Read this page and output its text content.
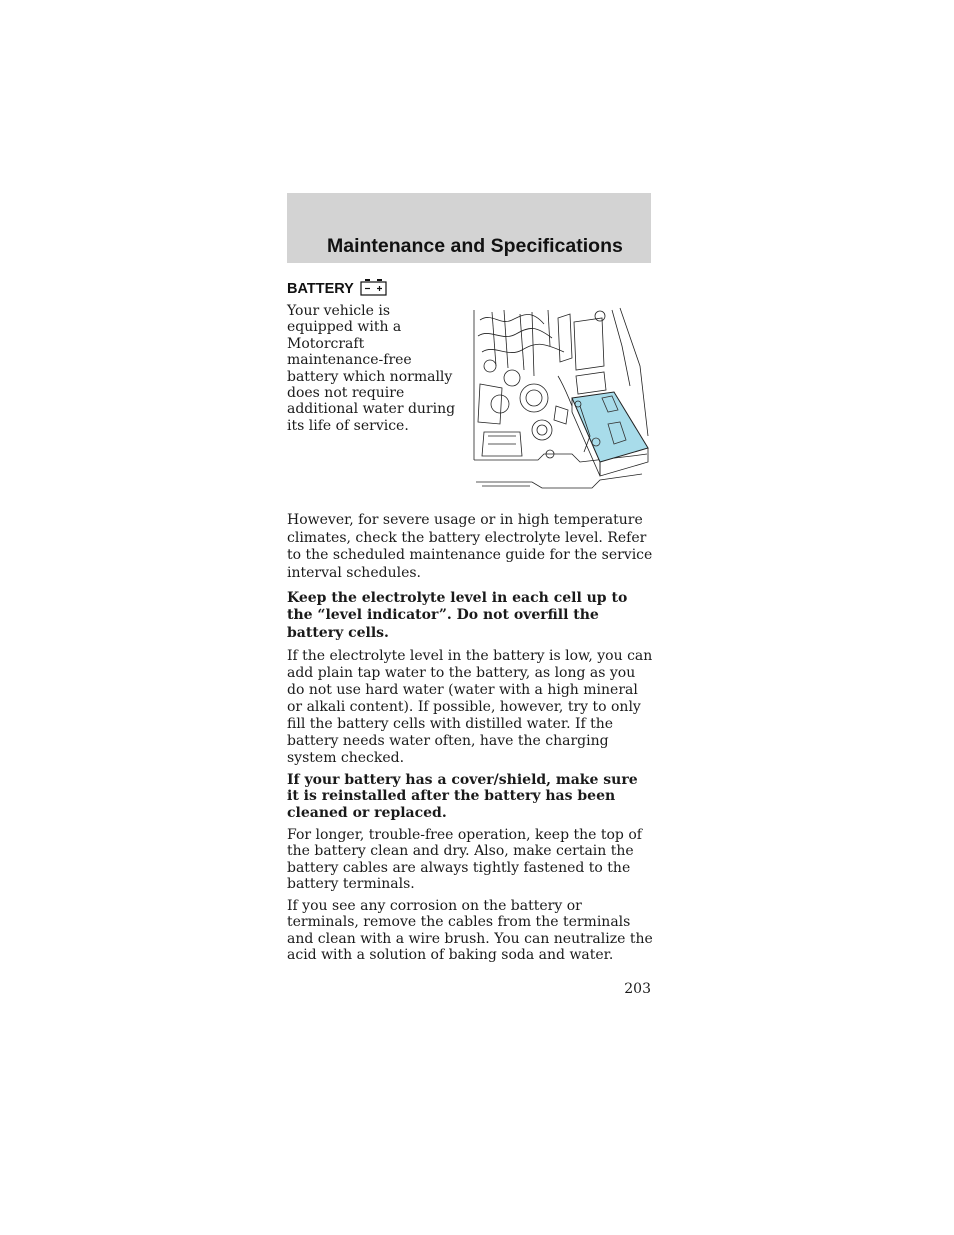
Maintenance and Specifications
BATTERY

Your vehicle is equipped with a Motorcraft maintenance-free battery which normally does not require additional water during its life of service.

However, for severe usage or in high temperature climates, check the battery electrolyte level. Refer to the scheduled maintenance guide for the service interval schedules.

Keep the electrolyte level in each cell up to the “level indicator”. Do not overfill the battery cells.

If the electrolyte level in the battery is low, you can add plain tap water to the battery, as long as you do not use hard water (water with a high mineral or alkali content). If possible, however, try to only fill the battery cells with distilled water. If the battery needs water often, have the charging system checked.

If your battery has a cover/shield, make sure it is reinstalled after the battery has been cleaned or replaced.

For longer, trouble-free operation, keep the top of the battery clean and dry. Also, make certain the battery cables are always tightly fastened to the battery terminals.

If you see any corrosion on the battery or terminals, remove the cables from the terminals and clean with a wire brush. You can neutralize the acid with a solution of baking soda and water.

203
